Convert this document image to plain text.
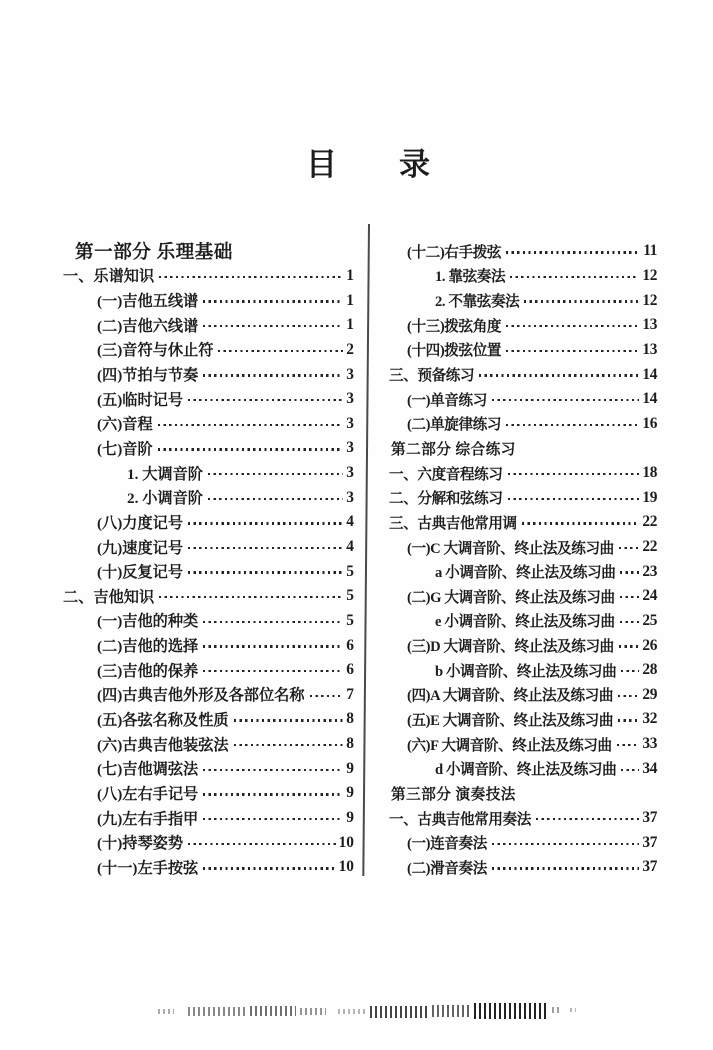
目 录
第一部分 乐理基础
一、乐谱知识	1
(一)吉他五线谱	1
(二)吉他六线谱	1
(三)音符与休止符	2
(四)节拍与节奏	3
(五)临时记号	3
(六)音程	3
(七)音阶	3
1. 大调音阶	3
2. 小调音阶	3
(八)力度记号	4
(九)速度记号	4
(十)反复记号	5
二、吉他知识	5
(一)吉他的种类	5
(二)吉他的选择	6
(三)吉他的保养	6
(四)古典吉他外形及各部位名称	7
(五)各弦名称及性质	8
(六)古典吉他装弦法	8
(七)吉他调弦法	9
(八)左右手记号	9
(九)左右手指甲	9
(十)持琴姿势	10
(十一)左手按弦	10
(十二)右手拨弦	11
1. 靠弦奏法	12
2. 不靠弦奏法	12
(十三)拨弦角度	13
(十四)拨弦位置	13
三、预备练习	14
(一)单音练习	14
(二)单旋律练习	16
第二部分 综合练习
一、六度音程练习	18
二、分解和弦练习	19
三、古典吉他常用调	22
(一)C 大调音阶、终止法及练习曲 22
a 小调音阶、终止法及练习曲 23
(二)G 大调音阶、终止法及练习曲 24
e 小调音阶、终止法及练习曲 25
(三)D 大调音阶、终止法及练习曲 26
b 小调音阶、终止法及练习曲 28
(四)A 大调音阶、终止法及练习曲 29
(五)E 大调音阶、终止法及练习曲 32
(六)F 大调音阶、终止法及练习曲 33
d 小调音阶、终止法及练习曲 34
第三部分 演奏技法
一、古典吉他常用奏法	37
(一)连音奏法	37
(二)滑音奏法	37
